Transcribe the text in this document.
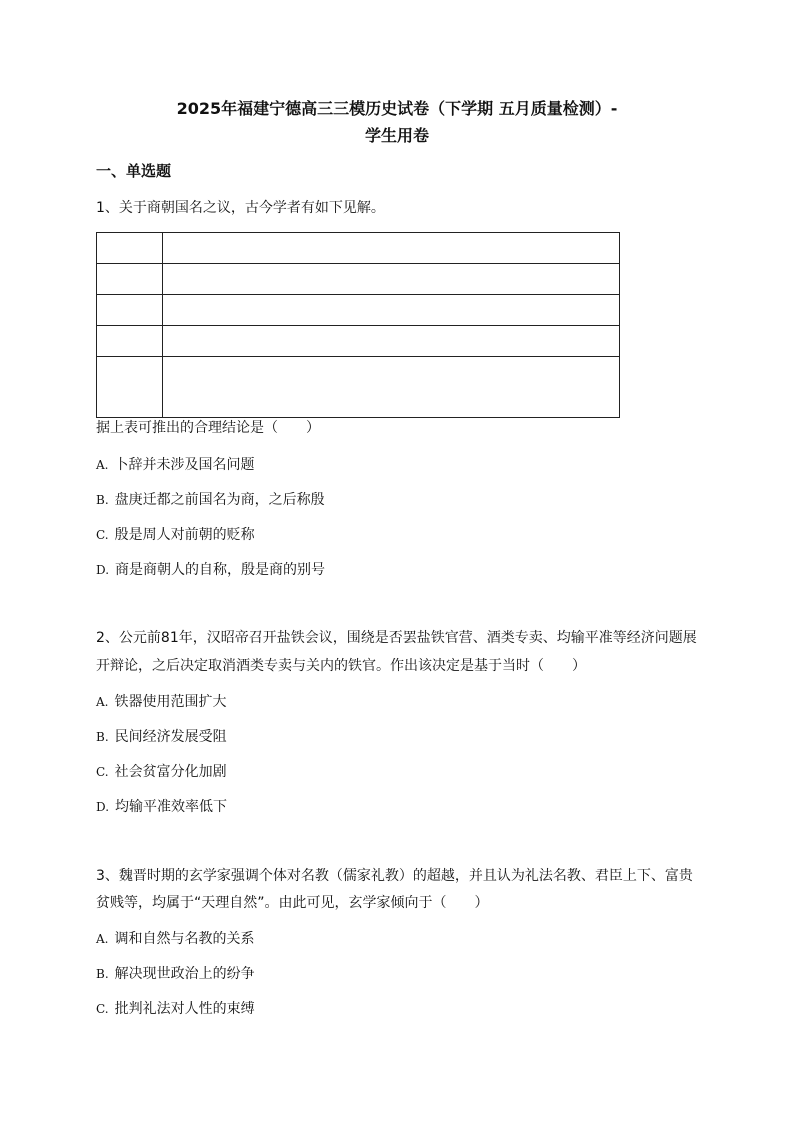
2025年福建宁德高三三模历史试卷（下学期 五月质量检测）-
学生用卷
一、单选题
1、关于商朝国名之议，古今学者有如下见解。

据上表可推出的合理结论是（　　）
A. 卜辞并未涉及国名问题
B. 盘庚迁都之前国名为商，之后称殷
C. 殷是周人对前朝的贬称
D. 商是商朝人的自称，殷是商的别号
2、公元前81年，汉昭帝召开盐铁会议，围绕是否罢盐铁官营、酒类专卖、均输平准等经济问题展
开辩论，之后决定取消酒类专卖与关内的铁官。作出该决定是基于当时（　　）
A. 铁器使用范围扩大
B. 民间经济发展受阻
C. 社会贫富分化加剧
D. 均输平准效率低下
3、魏晋时期的玄学家强调个体对名教（儒家礼教）的超越，并且认为礼法名教、君臣上下、富贵
贫贱等，均属于“天理自然”。由此可见，玄学家倾向于（　　）
A. 调和自然与名教的关系
B. 解决现世政治上的纷争
C. 批判礼法对人性的束缚
